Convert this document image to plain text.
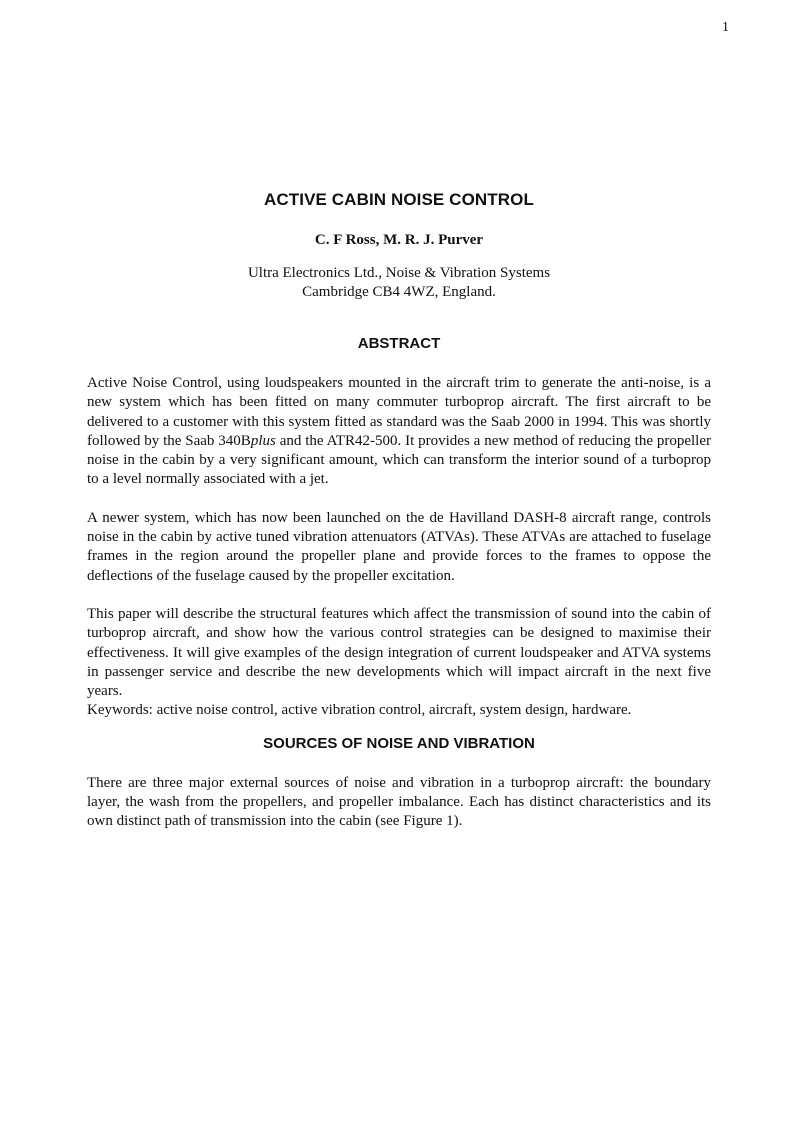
1
ACTIVE CABIN NOISE CONTROL
C. F Ross, M. R. J. Purver
Ultra Electronics Ltd., Noise & Vibration Systems
Cambridge CB4 4WZ, England.
ABSTRACT

Active Noise Control, using loudspeakers mounted in the aircraft trim to generate the anti-noise, is a new system which has been fitted on many commuter turboprop aircraft. The first aircraft to be delivered to a customer with this system fitted as standard was the Saab 2000 in 1994. This was shortly followed by the Saab 340Bplus and the ATR42-500. It provides a new method of reducing the propeller noise in the cabin by a very significant amount, which can transform the interior sound of a turboprop to a level normally associated with a jet.

A newer system, which has now been launched on the de Havilland DASH-8 aircraft range, controls noise in the cabin by active tuned vibration attenuators (ATVAs). These ATVAs are attached to fuselage frames in the region around the propeller plane and provide forces to the frames to oppose the deflections of the fuselage caused by the propeller excitation.

This paper will describe the structural features which affect the transmission of sound into the cabin of turboprop aircraft, and show how the various control strategies can be designed to maximise their effectiveness. It will give examples of the design integration of current loudspeaker and ATVA systems in passenger service and describe the new developments which will impact aircraft in the next five years.

Keywords: active noise control, active vibration control, aircraft, system design, hardware.

SOURCES OF NOISE AND VIBRATION

There are three major external sources of noise and vibration in a turboprop aircraft: the boundary layer, the wash from the propellers, and propeller imbalance. Each has distinct characteristics and its own distinct path of transmission into the cabin (see Figure 1).
